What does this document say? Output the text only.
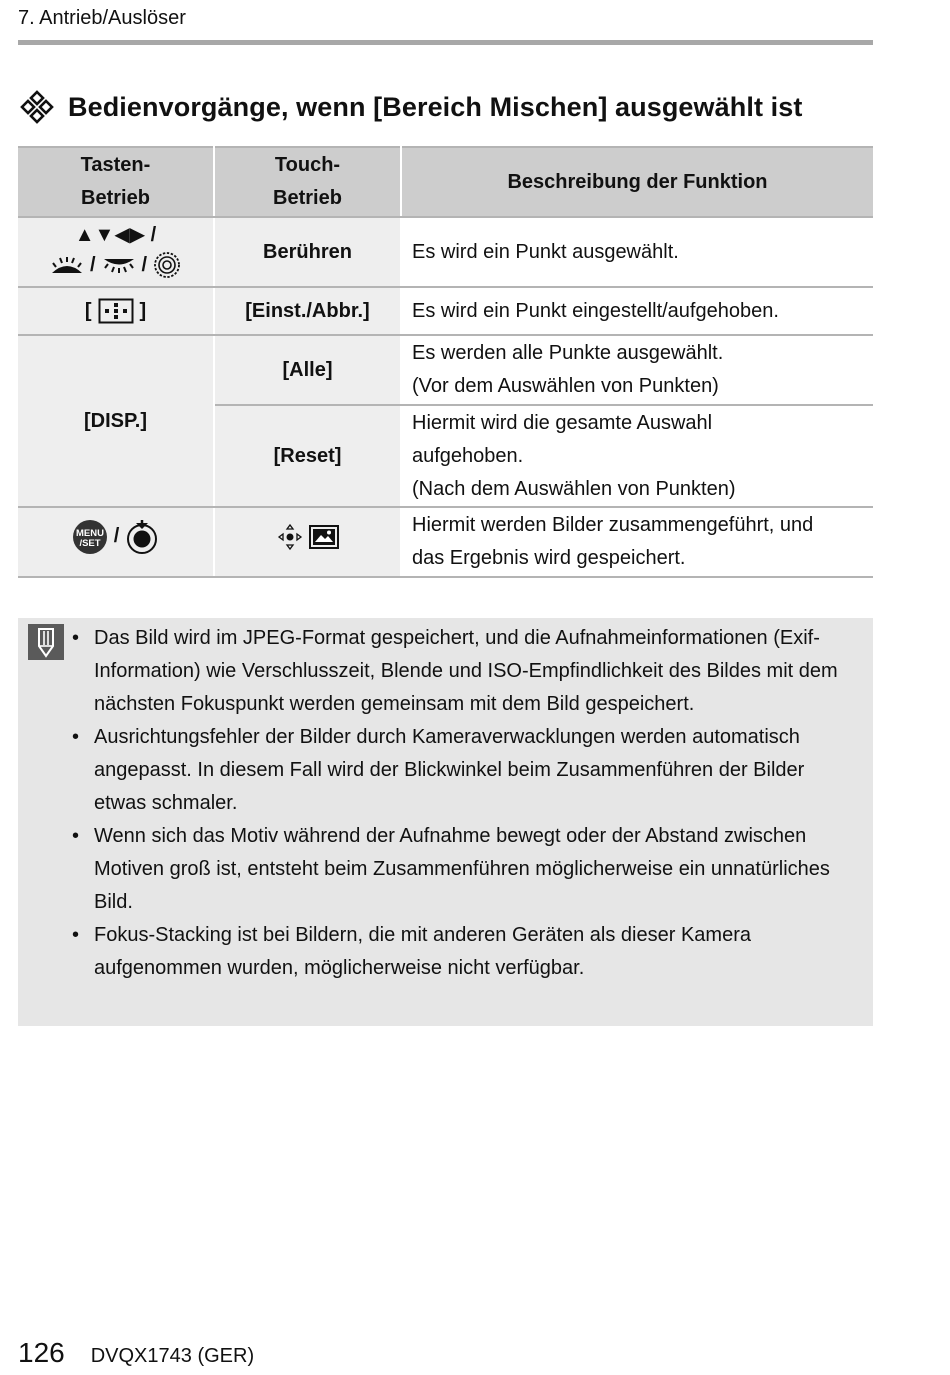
7. Antrieb/Auslöser
Bedienvorgänge, wenn [Bereich Mischen] ausgewählt ist
Tasten-
Betrieb	Touch-
Betrieb	Beschreibung der Funktion

▲▼◀▶ /
/ /	Berühren	Es wird ein Punkt ausgewählt.

[ ]	[Einst./Abbr.]	Es wird ein Punkt eingestellt/aufgehoben.
[DISP.]	[Alle]	Es werden alle Punkte ausgewählt.
(Vor dem Auswählen von Punkten)
	[Reset]	Hiermit wird die gesamte Auswahl
aufgehoben.
(Nach dem Auswählen von Punkten)

MENU
/SET /		Hiermit werden Bilder zusammengeführt, und
das Ergebnis wird gespeichert.
• Das Bild wird im JPEG-Format gespeichert, und die Aufnahmeinformationen (Exif-Information) wie Verschlusszeit, Blende und ISO-Empfindlichkeit des Bildes mit dem nächsten Fokuspunkt werden gemeinsam mit dem Bild gespeichert.
• Ausrichtungsfehler der Bilder durch Kameraverwacklungen werden automatisch angepasst. In diesem Fall wird der Blickwinkel beim Zusammenführen der Bilder etwas schmaler.
• Wenn sich das Motiv während der Aufnahme bewegt oder der Abstand zwischen Motiven groß ist, entsteht beim Zusammenführen möglicherweise ein unnatürliches Bild.
• Fokus-Stacking ist bei Bildern, die mit anderen Geräten als dieser Kamera aufgenommen wurden, möglicherweise nicht verfügbar.
126 DVQX1743 (GER)
